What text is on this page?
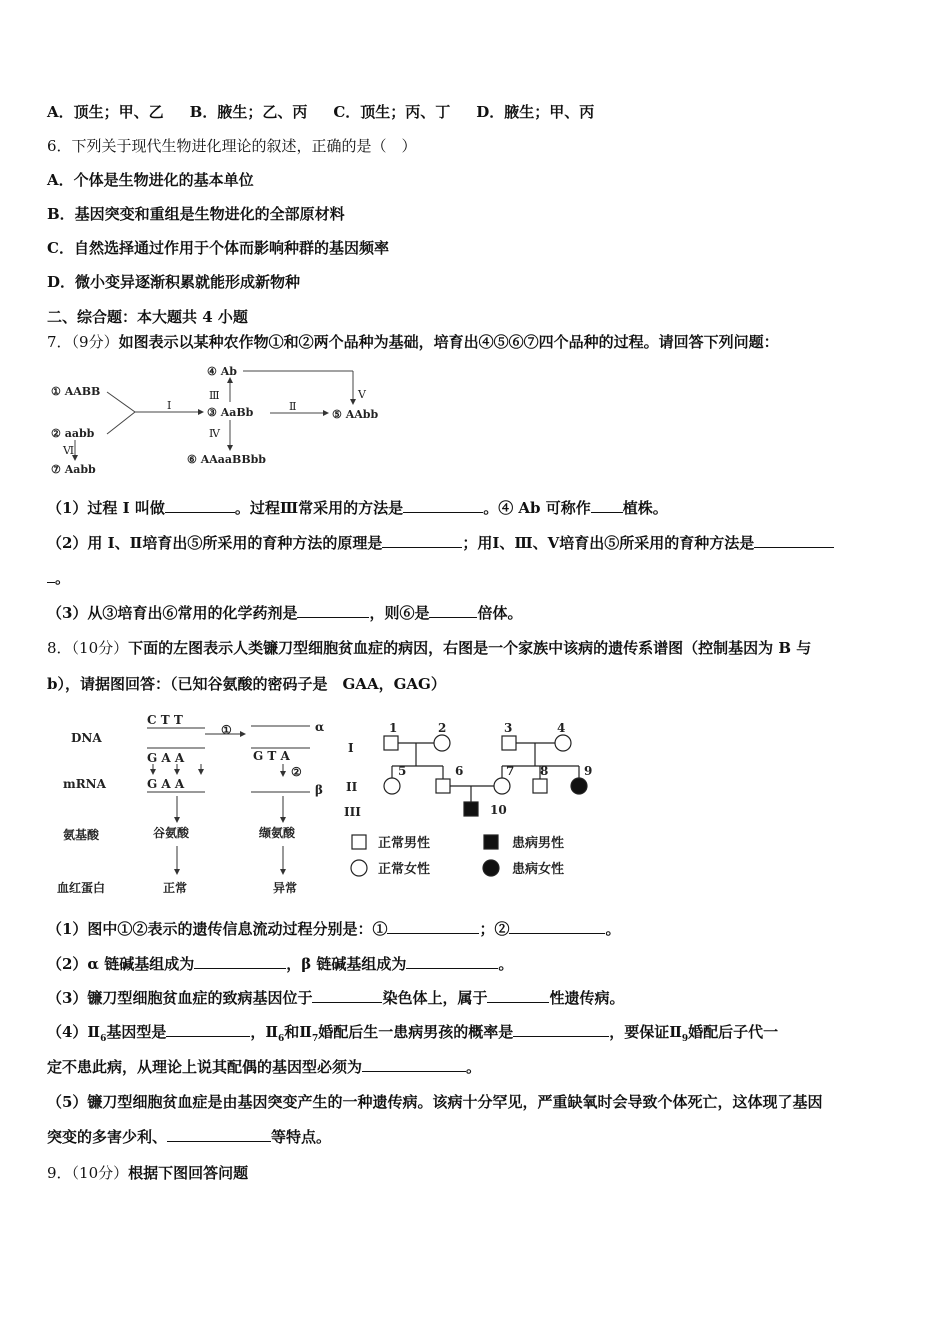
A．顶生；甲、乙 B．腋生；乙、丙 C．顶生；丙、丁 D．腋生；甲、丙
6．下列关于现代生物进化理论的叙述，正确的是（　）
A．个体是生物进化的基本单位
B．基因突变和重组是生物进化的全部原材料
C．自然选择通过作用于个体而影响种群的基因频率
D．微小变异逐渐积累就能形成新物种
二、综合题：本大题共 4 小题
7．（9分）如图表示以某种农作物①和②两个品种为基础，培育出④⑤⑥⑦四个品种的过程。请回答下列问题：
① AABB
② aabb
③ AaBb
④ Ab
⑤ AAbb
⑥ AAaaBBbb
⑦ Aabb
I	Ⅱ
Ⅲ
Ⅳ
Ⅴ
Ⅵ
（1）过程 I 叫做	。过程Ⅲ常采用的方法是	。④ Ab 可称作 植株。
（2）用 I、Ⅱ培育出⑤所采用的育种方法的原理是	；用Ⅰ、Ⅲ、Ⅴ培育出⑤所采用的育种方法是
。
（3）从③培育出⑥常用的化学药剂是	，则⑥是	倍体。
8．（10分）下面的左图表示人类镰刀型细胞贫血症的病因，右图是一个家族中该病的遗传系谱图（控制基因为 B 与
b），请据图回答：（已知谷氨酸的密码子是　GAA，GAG）
DNA
mRNA
氨基酸
血红蛋白
C T T
G A A
G A A
G T A
①
②
α
β
谷氨酸	缬氨酸
正常	异常
I
II
III
1	2	3	4
5	6	7 8	9
10
正常男性	患病男性
正常女性	患病女性
（1）图中①②表示的遗传信息流动过程分别是：①	；②	。
（2）α 链碱基组成为	，β 链碱基组成为	。
（3）镰刀型细胞贫血症的致病基因位于	染色体上，属于	性遗传病。
$(4)Ⅱ_6$基因型是	，$Ⅱ_6$和$Ⅱ_7$婚配后生一患病男孩的概率是	，要保证$Ⅱ_9$婚配后子代一
定不患此病，从理论上说其配偶的基因型必须为	。
（5）镰刀型细胞贫血症是由基因突变产生的一种遗传病。该病十分罕见，严重缺氧时会导致个体死亡，这体现了基因
突变的多害少利、	等特点。
9．（10分）根据下图回答问题
